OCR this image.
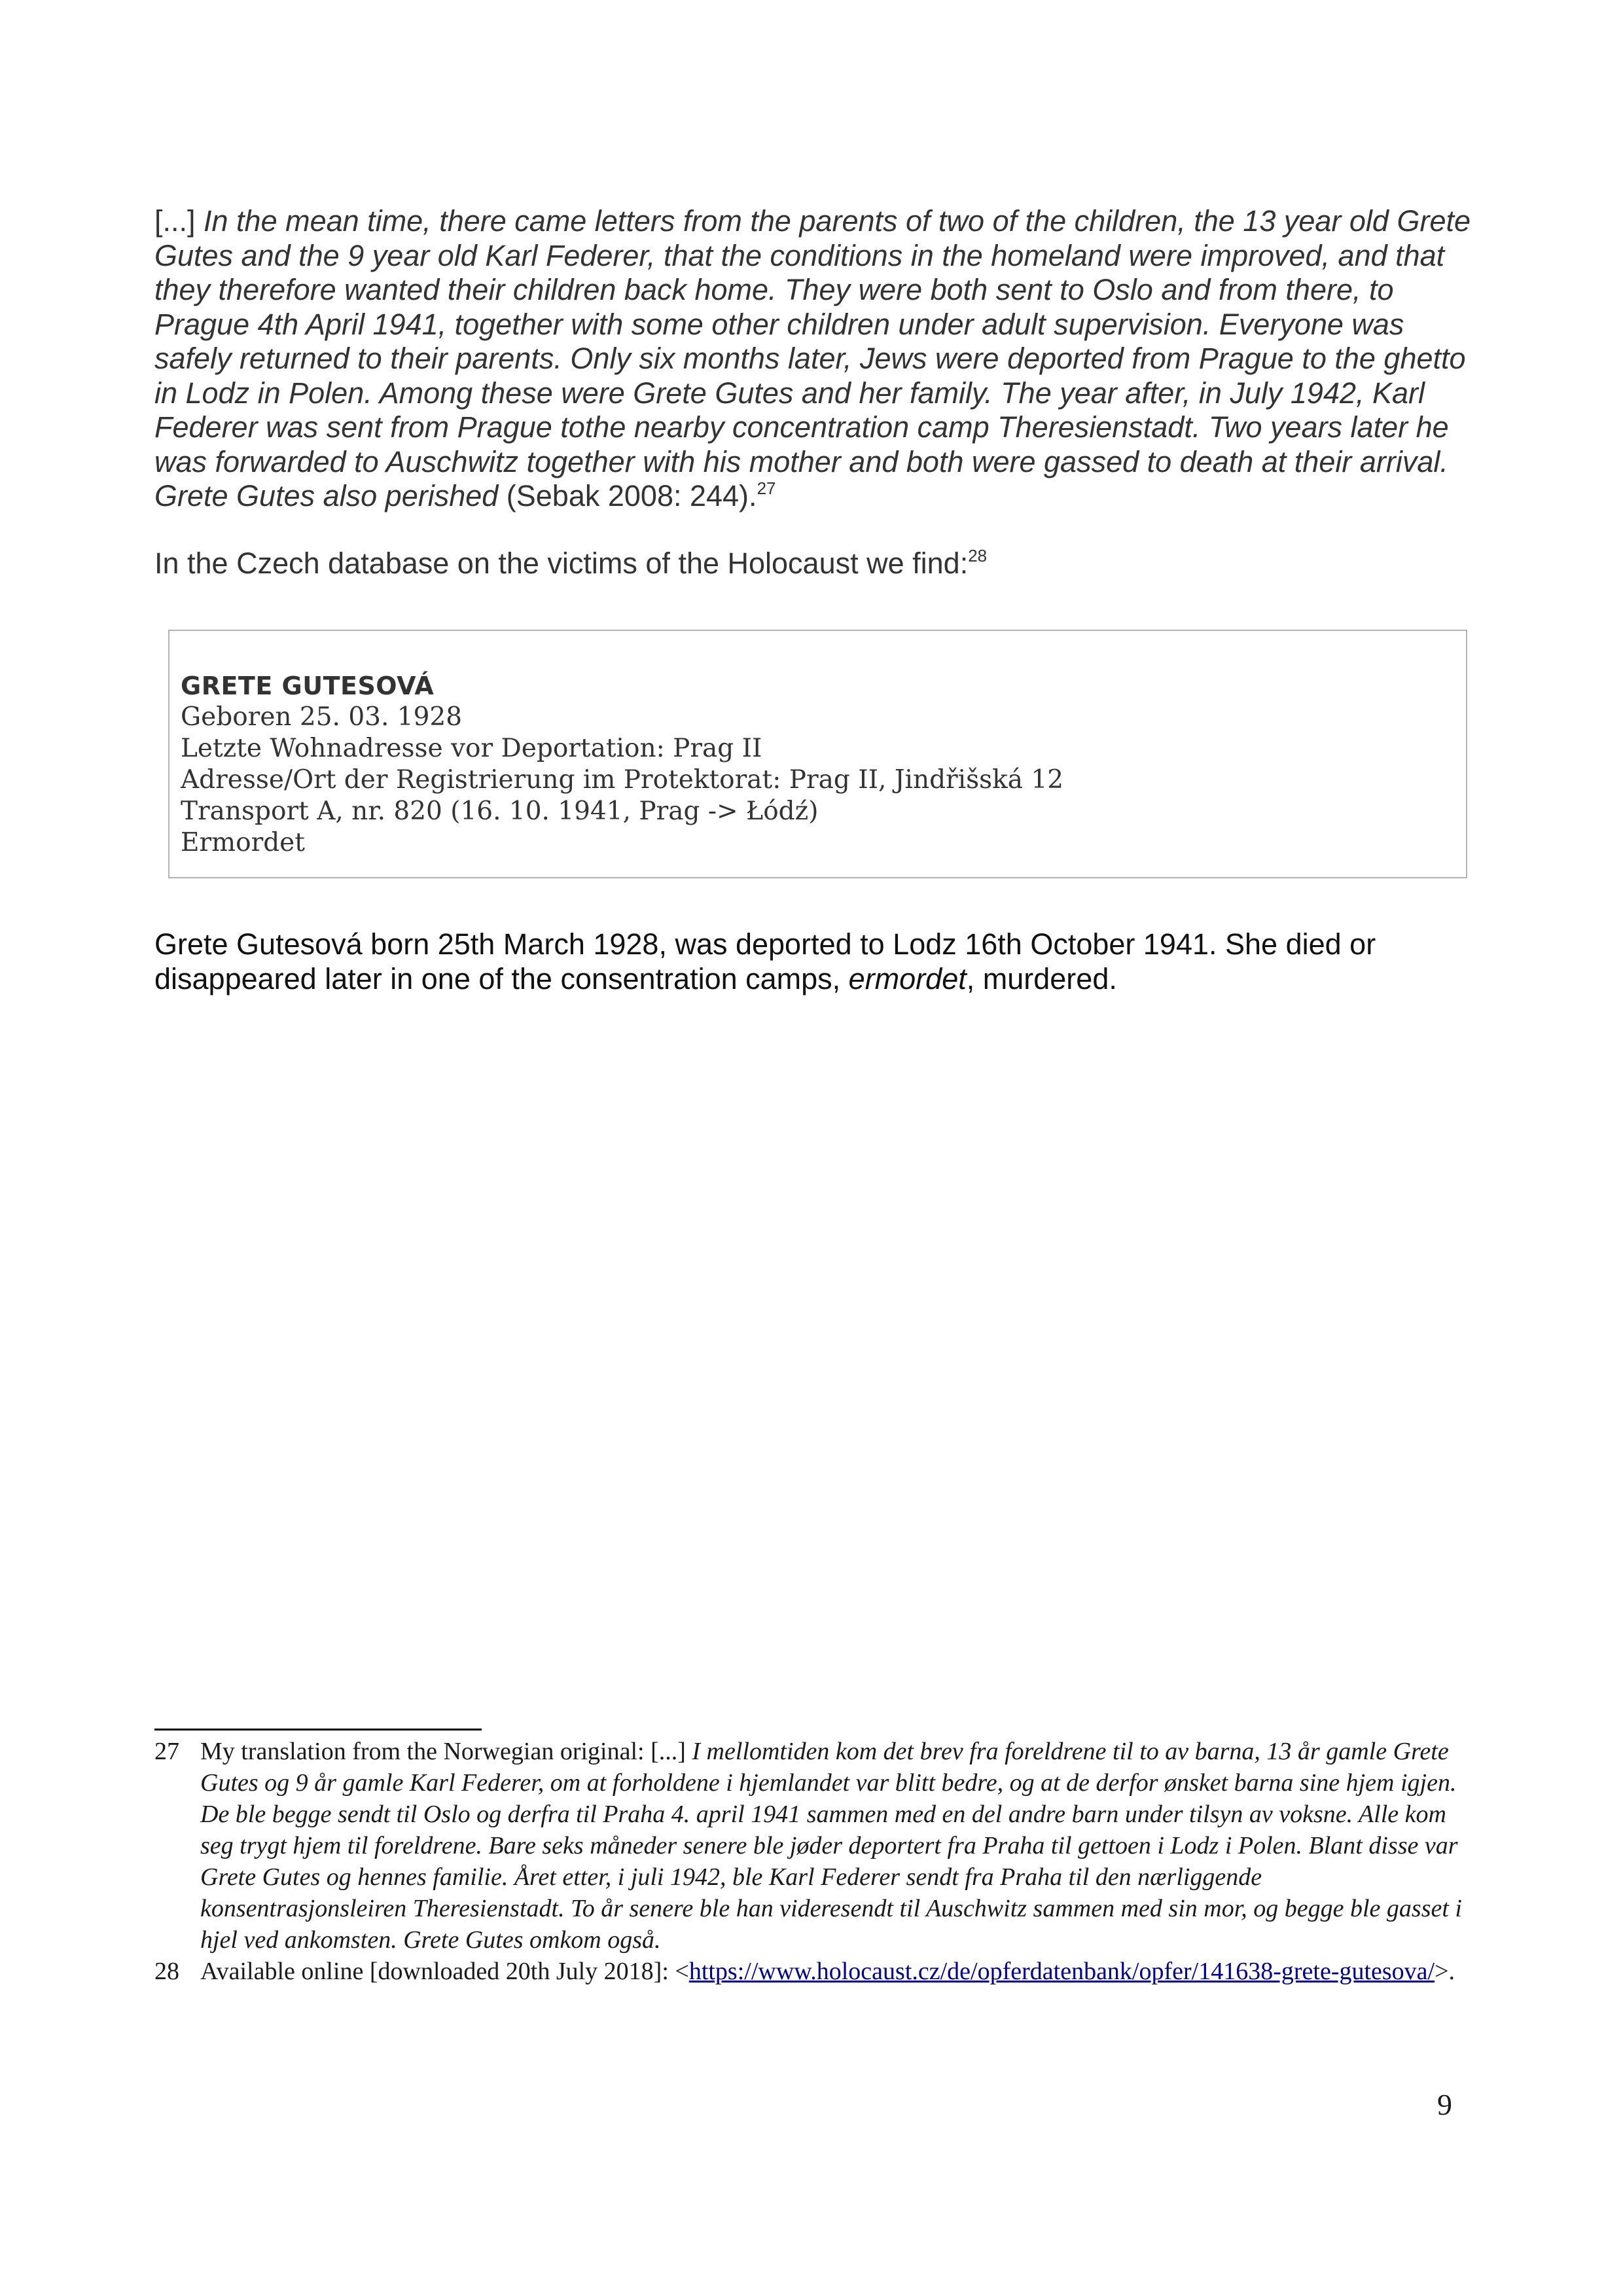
[...] In the mean time, there came letters from the parents of two of the children, the 13 year old Grete Gutes and the 9 year old Karl Federer, that the conditions in the homeland were improved, and that they therefore wanted their children back home. They were both sent to Oslo and from there, to Prague 4th April 1941, together with some other children under adult supervision. Everyone was safely returned to their parents. Only six months later, Jews were deported from Prague to the ghetto in Lodz in Polen. Among these were Grete Gutes and her family. The year after, in July 1942, Karl Federer was sent from Prague tothe nearby concentration camp Theresienstadt. Two years later he was forwarded to Auschwitz together with his mother and both were gassed to death at their arrival. Grete Gutes also perished (Sebak 2008: 244).$^{27}$
In the Czech database on the victims of the Holocaust we find:$^{28}$
GRETE GUTESOVÁ
Geboren 25. 03. 1928
Letzte Wohnadresse vor Deportation: Prag II
Adresse/Ort der Registrierung im Protektorat: Prag II, Jindřišská 12
Transport A, nr. 820 (16. 10. 1941, Prag -> Łódź)
Ermordet
Grete Gutesová born 25th March 1928, was deported to Lodz 16th October 1941. She died or disappeared later in one of the consentration camps, ermordet, murdered.
27 My translation from the Norwegian original: [...] I mellomtiden kom det brev fra foreldrene til to av barna, 13 år gamle Grete Gutes og 9 år gamle Karl Federer, om at forholdene i hjemlandet var blitt bedre, og at de derfor ønsket barna sine hjem igjen. De ble begge sendt til Oslo og derfra til Praha 4. april 1941 sammen med en del andre barn under tilsyn av voksne. Alle kom seg trygt hjem til foreldrene. Bare seks måneder senere ble jøder deportert fra Praha til gettoen i Lodz i Polen. Blant disse var Grete Gutes og hennes familie. Året etter, i juli 1942, ble Karl Federer sendt fra Praha til den nærliggende konsentrasjonsleiren Theresienstadt. To år senere ble han videresendt til Auschwitz sammen med sin mor, og begge ble gasset i hjel ved ankomsten. Grete Gutes omkom også.
28 Available online [downloaded 20th July 2018]: <https://www.holocaust.cz/de/opferdatenbank/opfer/141638-grete-gutesova/>.
9
